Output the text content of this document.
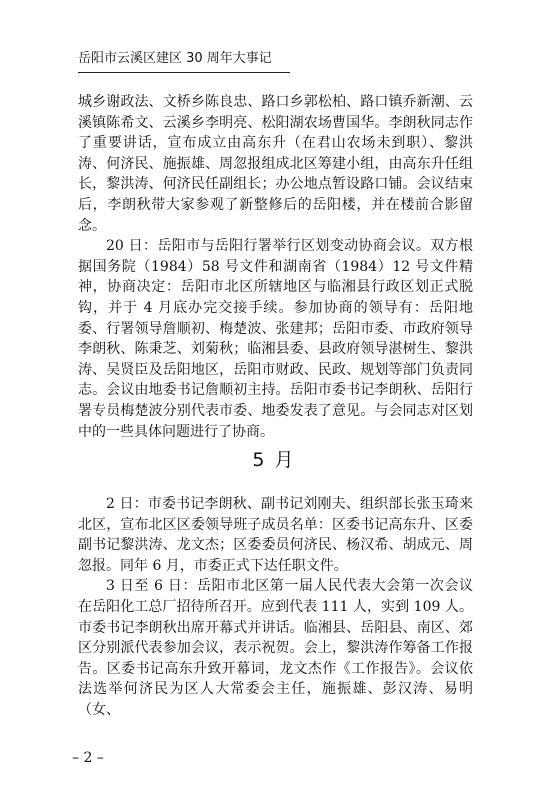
岳阳市云溪区建区 30 周年大事记

城乡谢政法、文桥乡陈良忠、路口乡郭松柏、路口镇乔新潮、云溪镇陈希文、云溪乡李明亮、松阳湖农场曹国华。李朗秋同志作了重要讲话，宣布成立由高东升（在君山农场未到职）、黎洪涛、何济民、施振雄、周忽报组成北区筹建小组，由高东升任组长，黎洪涛、何济民任副组长；办公地点暂设路口铺。会议结束后，李朗秋带大家参观了新整修后的岳阳楼，并在楼前合影留念。

20 日：岳阳市与岳阳行署举行区划变动协商会议。双方根据国务院（1984）58 号文件和湖南省（1984）12 号文件精神，协商决定：岳阳市北区所辖地区与临湘县行政区划正式脱钩，并于 4 月底办完交接手续。参加协商的领导有：岳阳地委、行署领导詹顺初、梅楚波、张建邦；岳阳市委、市政府领导李朗秋、陈秉芝、刘菊秋；临湘县委、县政府领导湛树生、黎洪涛、吴贤臣及岳阳地区，岳阳市财政、民政、规划等部门负责同志。会议由地委书记詹顺初主持。岳阳市委书记李朗秋、岳阳行署专员梅楚波分别代表市委、地委发表了意见。与会同志对区划中的一些具体问题进行了协商。

5 月

2 日：市委书记李朗秋、副书记刘刚夫、组织部长张玉琦来北区，宣布北区区委领导班子成员名单：区委书记高东升、区委副书记黎洪涛、龙文杰；区委委员何济民、杨汉希、胡成元、周忽报。同年 6 月，市委正式下达任职文件。

3 日至 6 日：岳阳市北区第一届人民代表大会第一次会议在岳阳化工总厂招待所召开。应到代表 111 人，实到 109 人。市委书记李朗秋出席开幕式并讲话。临湘县、岳阳县、南区、郊区分别派代表参加会议，表示祝贺。会上，黎洪涛作筹备工作报告。区委书记高东升致开幕词，龙文杰作《工作报告》。会议依法选举何济民为区人大常委会主任，施振雄、彭汉涛、易明（女、

– 2 –
